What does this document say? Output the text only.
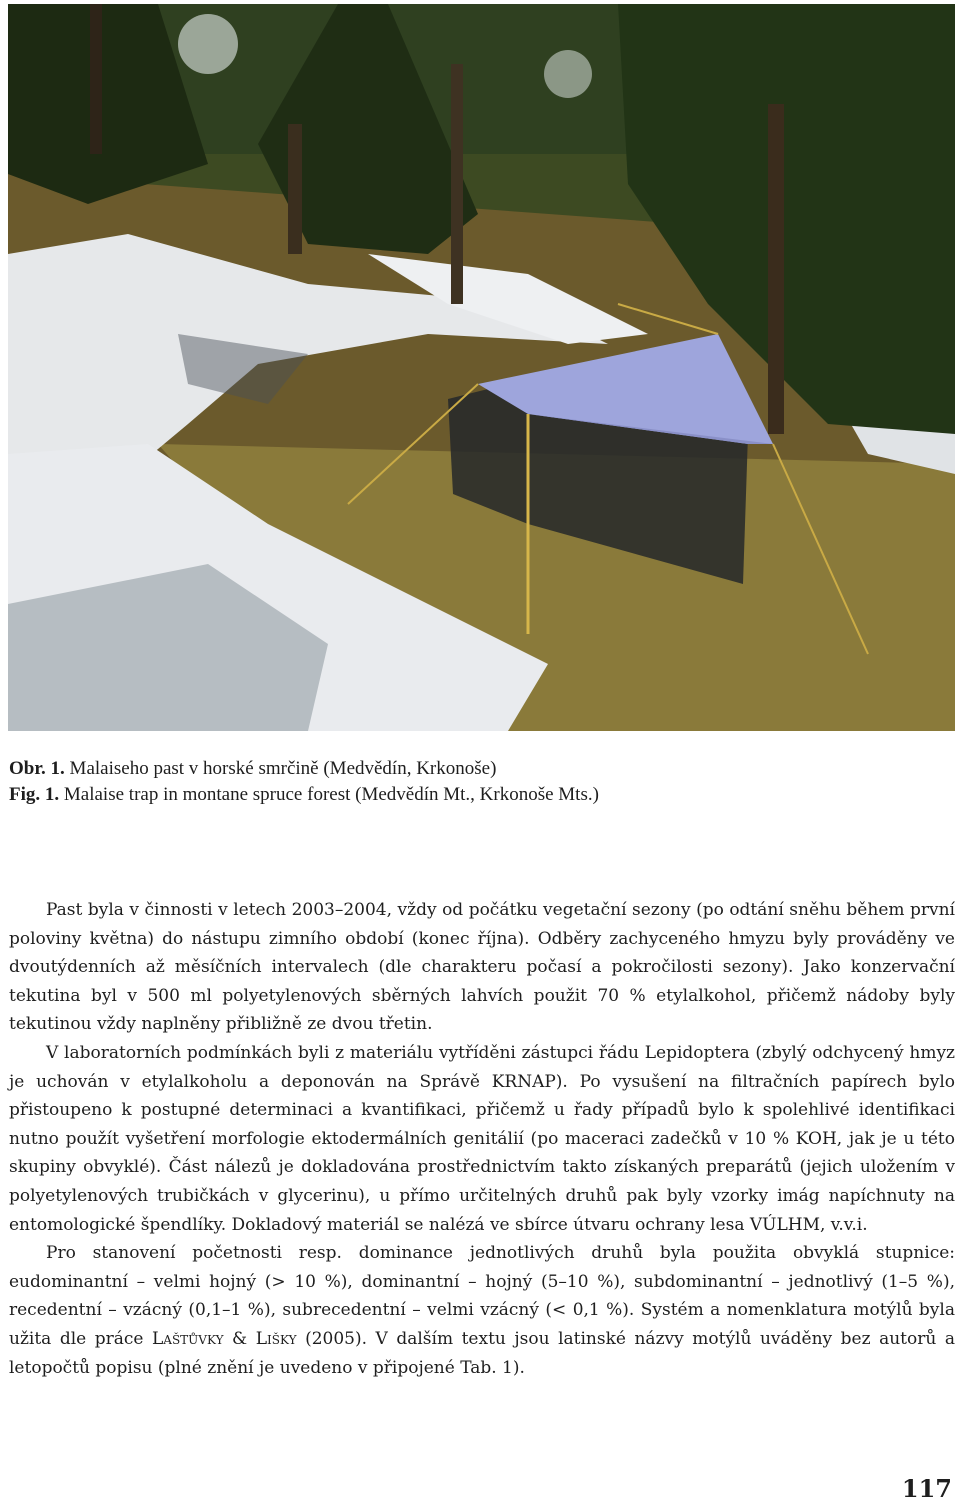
Obr. 1. Malaiseho past v horské smrčině (Medvědín, Krkonoše)
Fig. 1. Malaise trap in montane spruce forest (Medvědín Mt., Krkonoše Mts.)

Past byla v činnosti v letech 2003–2004, vždy od počátku vegetační sezony (po odtání sněhu během první poloviny května) do nástupu zimního období (konec října). Odběry zachyceného hmyzu byly prováděny ve dvoutýdenních až měsíčních intervalech (dle charakteru počasí a pokročilosti sezony). Jako konzervační tekutina byl v 500 ml polyetylenových sběrných lahvích použit 70 % etylalkohol, přičemž nádoby byly tekutinou vždy naplněny přibližně ze dvou třetin.

V laboratorních podmínkách byli z materiálu vytříděni zástupci řádu Lepidoptera (zbylý odchycený hmyz je uchován v etylalkoholu a deponován na Správě KRNAP). Po vysušení na filtračních papírech bylo přistoupeno k postupné determinaci a kvantifikaci, přičemž u řady případů bylo k spolehlivé identifikaci nutno použít vyšetření morfologie ektodermálních genitálií (po maceraci zadečků v 10 % KOH, jak je u této skupiny obvyklé). Část nálezů je dokladována prostřednictvím takto získaných preparátů (jejich uložením v polyetylenových trubičkách v glycerinu), u přímo určitelných druhů pak byly vzorky imág napíchnuty na entomologické špendlíky. Dokladový materiál se nalézá ve sbírce útvaru ochrany lesa VÚLHM, v.v.i.

Pro stanovení početnosti resp. dominance jednotlivých druhů byla použita obvyklá stupnice: eudominantní – velmi hojný (> 10 %), dominantní – hojný (5–10 %), subdominantní – jednotlivý (1–5 %), recedentní – vzácný (0,1–1 %), subrecedentní – velmi vzácný (< 0,1 %). Systém a nomenklatura motýlů byla užita dle práce Laštůvky & Lišky (2005). V dalším textu jsou latinské názvy motýlů uváděny bez autorů a letopočtů popisu (plné znění je uvedeno v připojené Tab. 1).

117
